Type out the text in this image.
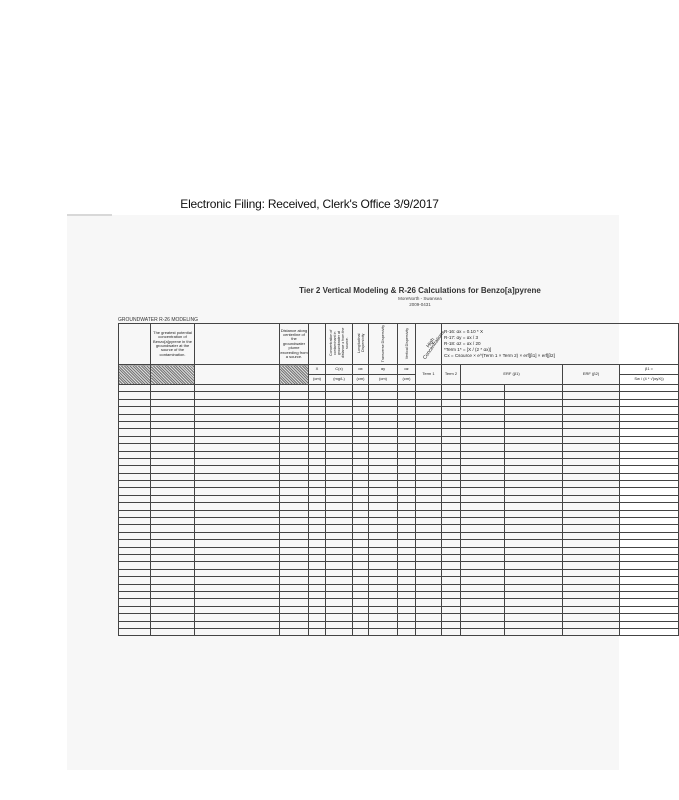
Electronic Filing: Received, Clerk's Office 3/9/2017
Tier 2 Vertical Modeling & R-26 Calculations for Benzo[a]pyrene
MoreNorth - Swansea
2009-0431
GROUNDWATER R-26 MODELING
	The greatest potential concentration of Benzo[a]pyrene in the groundwater at the source of the contamination.		Distance along centerline of the groundwater plume exceeding from a source.		Concentration of contaminant in groundwater at distance x from the source.	Longitudinal Dispersivity	Transverse Dispersivity	Vertical Dispersivity	High Concentrations	R-16: αx = 0.10 * X
R-17: αy = αx / 3
R-18: αz = αx / 20
*Term 1* = [X / (2 * αx)]
Cx = Csource × e^(Term 1 × Term 2) × erf[β1] × erf[β2]				

				X	C(x)	αx	αy	αz	Term 1	Term 2	ERF (β1)		ERF (β2)	β1 =
				(cm)	(mg/L)	(cm)	(cm)	(cm)						Sw / (4 * √(αyX))
